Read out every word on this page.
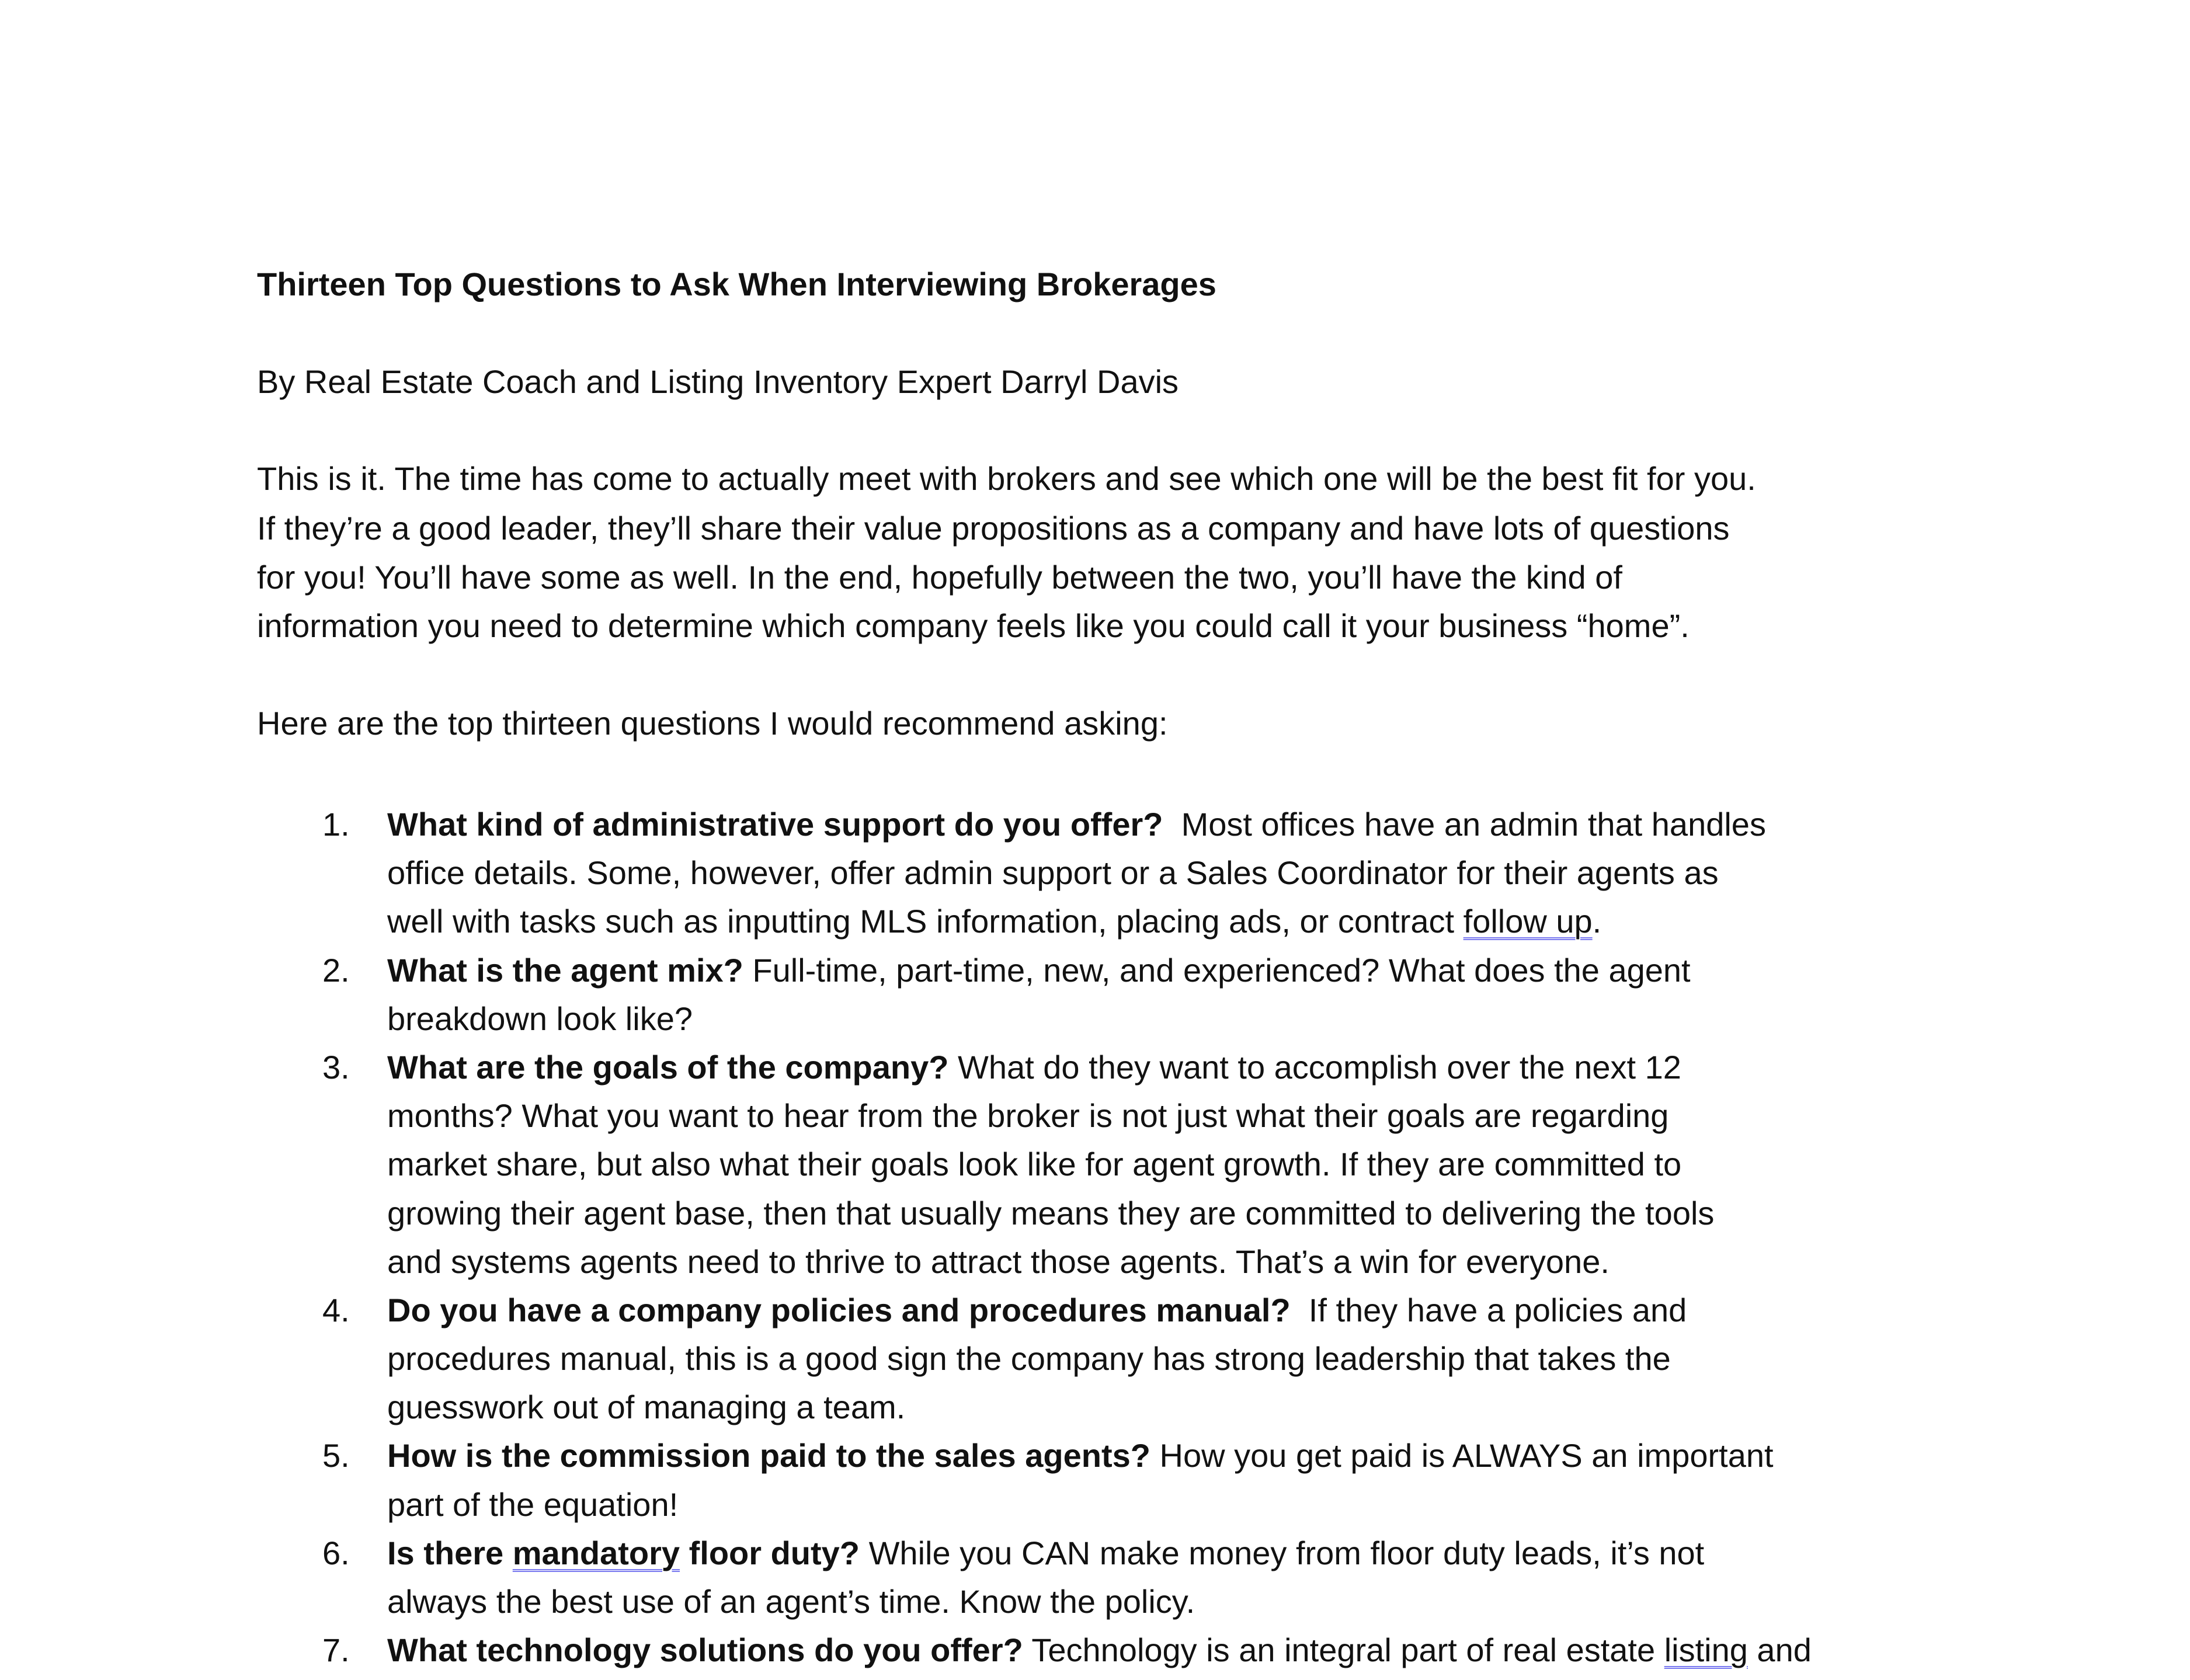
Thirteen Top Questions to Ask When Interviewing Brokerages
By Real Estate Coach and Listing Inventory Expert Darryl Davis
This is it. The time has come to actually meet with brokers and see which one will be the best fit for you.
If they’re a good leader, they’ll share their value propositions as a company and have lots of questions
for you! You’ll have some as well. In the end, hopefully between the two, you’ll have the kind of
information you need to determine which company feels like you could call it your business “home”.
Here are the top thirteen questions I would recommend asking:
1. What kind of administrative support do you offer?  Most offices have an admin that handles
office details. Some, however, offer admin support or a Sales Coordinator for their agents as
well with tasks such as inputting MLS information, placing ads, or contract follow up.
2. What is the agent mix? Full-time, part-time, new, and experienced? What does the agent
breakdown look like?
3. What are the goals of the company? What do they want to accomplish over the next 12
months? What you want to hear from the broker is not just what their goals are regarding
market share, but also what their goals look like for agent growth. If they are committed to
growing their agent base, then that usually means they are committed to delivering the tools
and systems agents need to thrive to attract those agents. That’s a win for everyone.
4. Do you have a company policies and procedures manual?  If they have a policies and
procedures manual, this is a good sign the company has strong leadership that takes the
guesswork out of managing a team.
5. How is the commission paid to the sales agents? How you get paid is ALWAYS an important
part of the equation!
6. Is there mandatory floor duty? While you CAN make money from floor duty leads, it’s not
always the best use of an agent’s time. Know the policy.
7. What technology solutions do you offer? Technology is an integral part of real estate listing and
